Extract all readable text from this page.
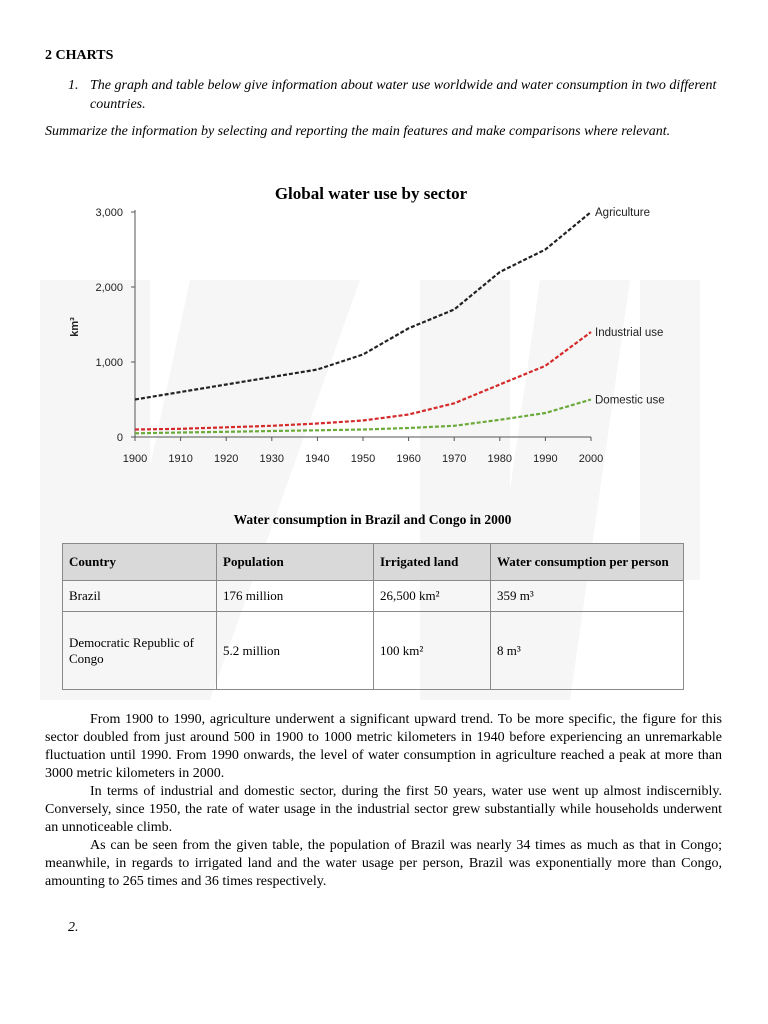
2 CHARTS
1. The graph and table below give information about water use worldwide and water consumption in two different countries.
Summarize the information by selecting and reporting the main features and make comparisons where relevant.
Global water use by sector
0
1,000
2,000
3,000
km³
1900 1910 1920 1930 1940 1950 1960 1970 1980 1990 2000
Agriculture
Industrial use
Domestic use
Water consumption in Brazil and Congo in 2000
Country	Population	Irrigated land	Water consumption per person
Brazil	176 million	26,500 km²	359 m³
Democratic Republic of Congo	5.2 million	100 km²	8 m³

From 1900 to 1990, agriculture underwent a significant upward trend. To be more specific, the figure for this sector doubled from just around 500 in 1900 to 1000 metric kilometers in 1940 before experiencing an unremarkable fluctuation until 1990. From 1990 onwards, the level of water consumption in agriculture reached a peak at more than 3000 metric kilometers in 2000.

In terms of industrial and domestic sector, during the first 50 years, water use went up almost indiscernibly. Conversely, since 1950, the rate of water usage in the industrial sector grew substantially while households underwent an unnoticeable climb.

As can be seen from the given table, the population of Brazil was nearly 34 times as much as that in Congo; meanwhile, in regards to irrigated land and the water usage per person, Brazil was exponentially more than Congo, amounting to 265 times and 36 times respectively.

2.
